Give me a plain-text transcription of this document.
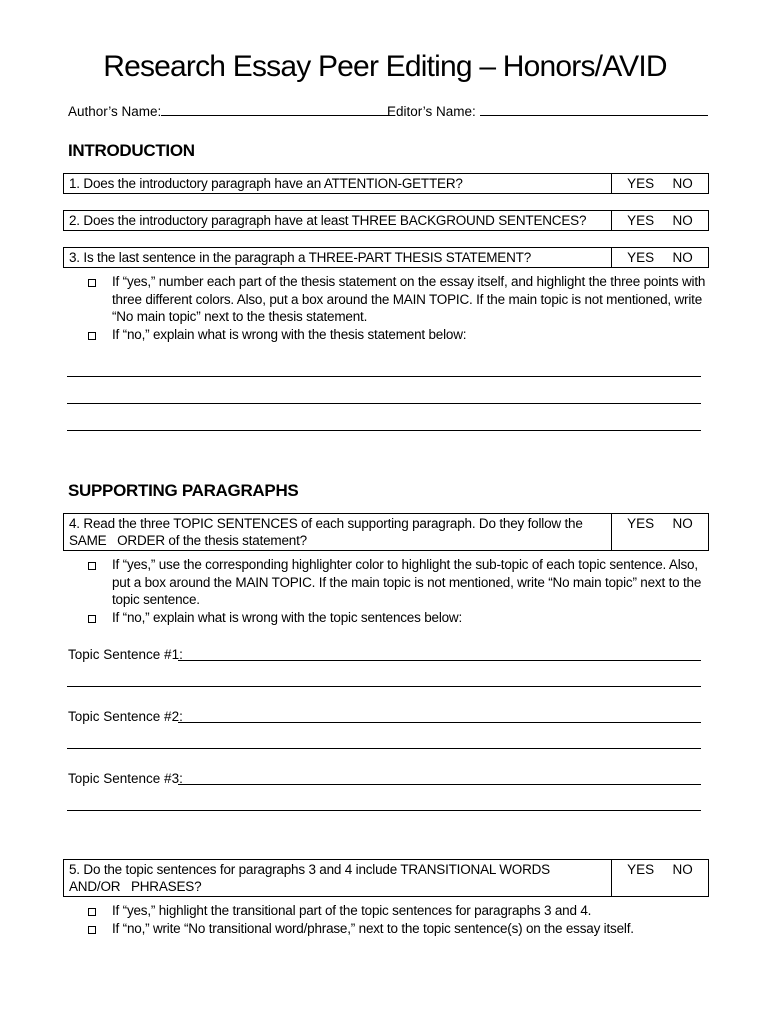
Research Essay Peer Editing – Honors/AVID
Author’s Name:	Editor’s Name:
INTRODUCTION
1. Does the introductory paragraph have an ATTENTION-GETTER?	YES NO
2. Does the introductory paragraph have at least THREE BACKGROUND SENTENCES?	YES NO
3. Is the last sentence in the paragraph a THREE-PART THESIS STATEMENT?	YES NO
If “yes,” number each part of the thesis statement on the essay itself, and highlight the three points with three different colors. Also, put a box around the MAIN TOPIC. If the main topic is not mentioned, write “No main topic” next to the thesis statement.
If “no,” explain what is wrong with the thesis statement below:
SUPPORTING PARAGRAPHS
4. Read the three TOPIC SENTENCES of each supporting paragraph. Do they follow the SAME   ORDER of the thesis statement?
YES NO
If “yes,” use the corresponding highlighter color to highlight the sub-topic of each topic sentence. Also, put a box around the MAIN TOPIC. If the main topic is not mentioned, write “No main topic” next to the topic sentence.
If “no,” explain what is wrong with the topic sentences below:
Topic Sentence #1:
Topic Sentence #2:
Topic Sentence #3:
5. Do the topic sentences for paragraphs 3 and 4 include TRANSITIONAL WORDS AND/OR   PHRASES?
YES NO
If “yes,” highlight the transitional part of the topic sentences for paragraphs 3 and 4.
If “no,” write “No transitional word/phrase,” next to the topic sentence(s) on the essay itself.
